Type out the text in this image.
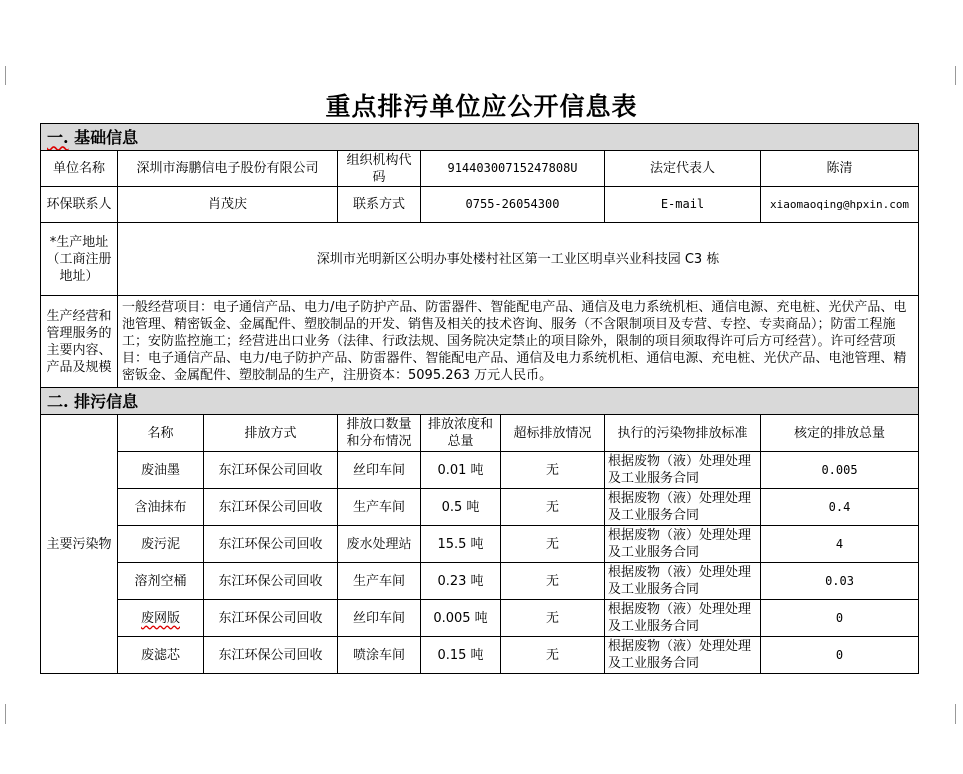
重点排污单位应公开信息表
一. 基础信息							
单位名称	深圳市海鹏信电子股份有限公司		组织机构代码	91440300715247808U		法定代表人	陈清
环保联系人	肖茂庆		联系方式	0755-26054300		E-mail	xiaomaoqing@hpxin.com
*生产地址（工商注册地址）	深圳市光明新区公明办事处楼村社区第一工业区明卓兴业科技园 C3 栋						
生产经营和管理服务的主要内容、产品及规模	一般经营项目：电子通信产品、电力/电子防护产品、防雷器件、智能配电产品、通信及电力系统机柜、通信电源、充电桩、光伏产品、电池管理、精密钣金、金属配件、塑胶制品的开发、销售及相关的技术咨询、服务（不含限制项目及专营、专控、专卖商品）；防雷工程施工；安防监控施工；经营进出口业务（法律、行政法规、国务院决定禁止的项目除外，限制的项目须取得许可后方可经营）。许可经营项目：电子通信产品、电力/电子防护产品、防雷器件、智能配电产品、通信及电力系统机柜、通信电源、充电桩、光伏产品、电池管理、精密钣金、金属配件、塑胶制品的生产，注册资本：5095.263 万元人民币。						
二. 排污信息							
主要污染物	名称	排放方式	排放口数量和分布情况	排放浓度和总量	超标排放情况	执行的污染物排放标准	核定的排放总量
	废油墨	东江环保公司回收	丝印车间	0.01 吨	无	根据废物（液）处理处理及工业服务合同	0.005
	含油抹布	东江环保公司回收	生产车间	0.5 吨	无	根据废物（液）处理处理及工业服务合同	0.4
	废污泥	东江环保公司回收	废水处理站	15.5 吨	无	根据废物（液）处理处理及工业服务合同	4
	溶剂空桶	东江环保公司回收	生产车间	0.23 吨	无	根据废物（液）处理处理及工业服务合同	0.03
	废网版	东江环保公司回收	丝印车间	0.005 吨	无	根据废物（液）处理处理及工业服务合同	0
	废滤芯	东江环保公司回收	喷涂车间	0.15 吨	无	根据废物（液）处理处理及工业服务合同	0
